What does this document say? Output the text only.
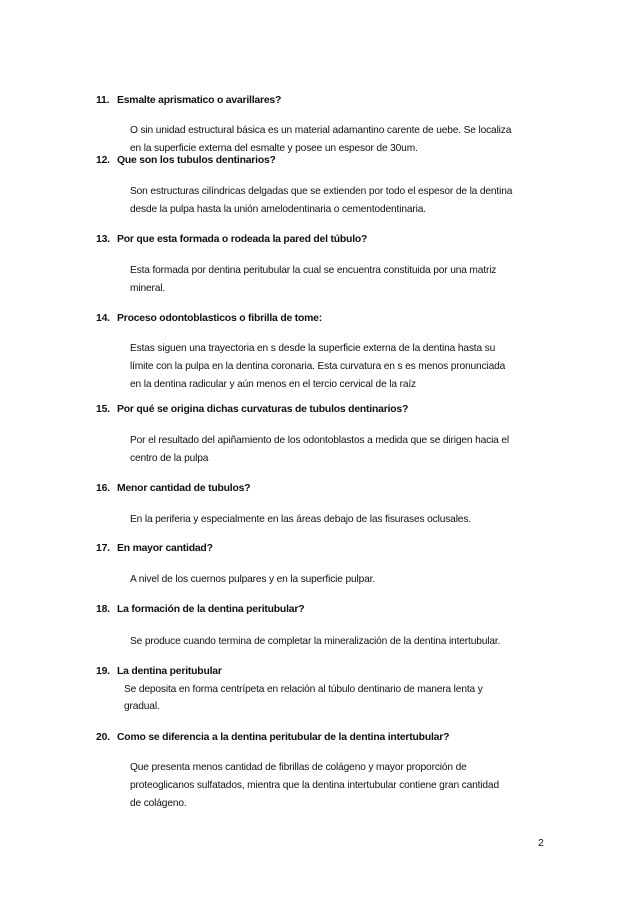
11. Esmalte aprismatico o avarillares?

O sin unidad estructural básica es un material adamantino carente de uebe. Se localiza

en la superficie externa del esmalte y posee un espesor de 30um.

12. Que son los tubulos dentinarios?

Son estructuras cilíndricas delgadas que se extienden por todo el espesor de la dentina

desde la pulpa hasta la unión amelodentinaria o cementodentinaria.

13. Por que esta formada o rodeada la pared del túbulo?

Esta formada por dentina peritubular la cual se encuentra constituida por una matriz

mineral.

14. Proceso odontoblasticos o fibrilla de tome:

Estas siguen una trayectoria en s desde la superficie externa de la dentina hasta su

límite con la pulpa en la dentina coronaria. Esta curvatura en s es menos pronunciada

en la dentina radicular y aún menos en el tercio cervical de la raíz

15. Por qué se origina dichas curvaturas de tubulos dentinarios?

Por el resultado del apiñamiento de los odontoblastos a medida que se dirigen hacia el

centro de la pulpa

16. Menor cantidad de tubulos?

En la periferia y especialmente en las áreas debajo de las fisurases oclusales.

17. En mayor cantidad?

A nivel de los cuernos pulpares y en la superficie pulpar.

18. La formación de la dentina peritubular?

Se produce cuando termina de completar la mineralización de la dentina intertubular.

19. La dentina peritubular

Se deposita en forma centrípeta en relación al túbulo dentinario de manera lenta y

gradual.

20. Como se diferencia a la dentina peritubular de la dentina intertubular?

Que presenta menos cantidad de fibrillas de colágeno y mayor proporción de

proteoglicanos sulfatados, mientra que la dentina intertubular contiene gran cantidad

de colágeno.

2
